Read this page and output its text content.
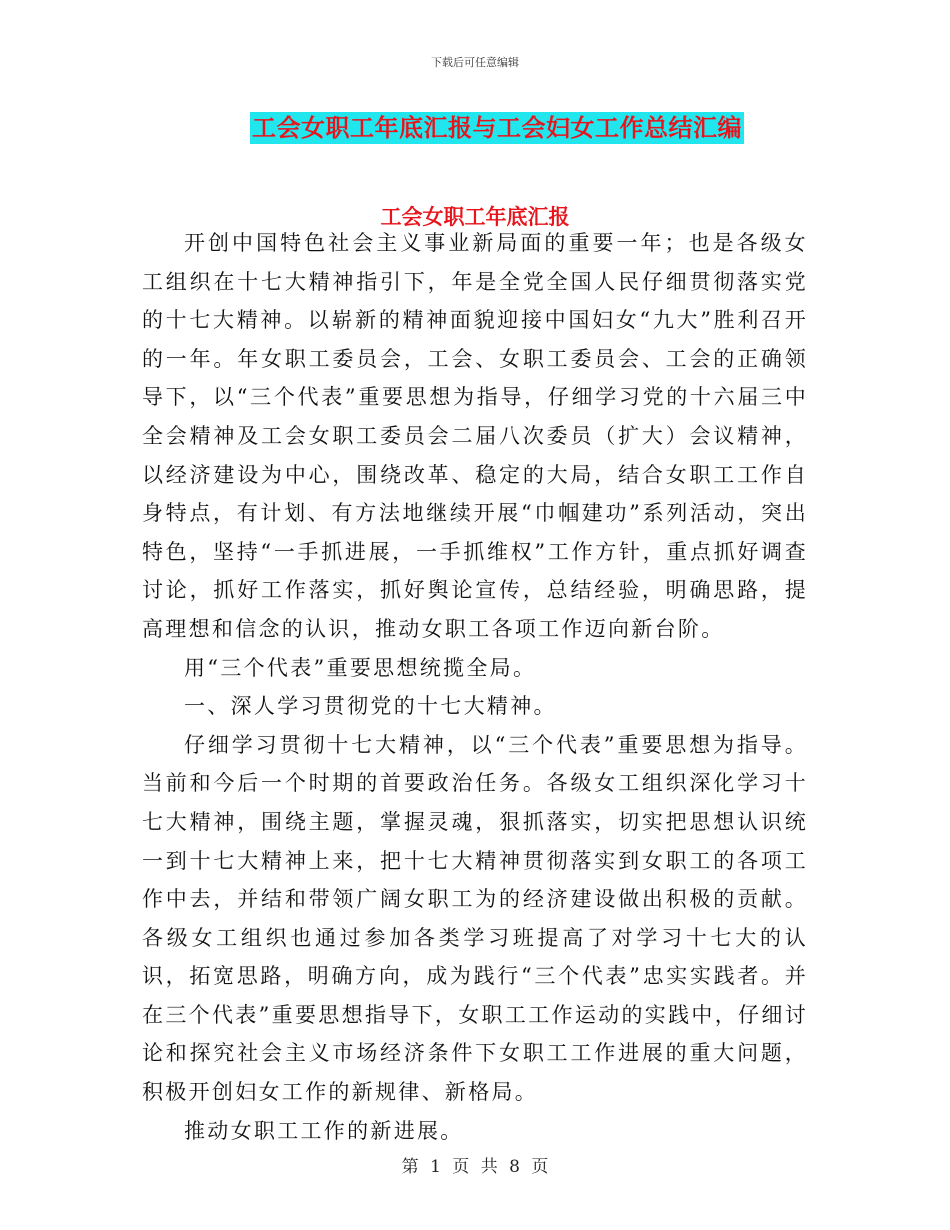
下载后可任意编辑
工会女职工年底汇报与工会妇女工作总结汇编
工会女职工年底汇报

开创中国特色社会主义事业新局面的重要一年；也是各级女工组织在十七大精神指引下，年是全党全国人民仔细贯彻落实党的十七大精神。以崭新的精神面貌迎接中国妇女“九大”胜利召开的一年。年女职工委员会，工会、女职工委员会、工会的正确领导下，以“三个代表”重要思想为指导，仔细学习党的十六届三中全会精神及工会女职工委员会二届八次委员（扩大）会议精神，以经济建设为中心，围绕改革、稳定的大局，结合女职工工作自身特点，有计划、有方法地继续开展“巾帼建功”系列活动，突出特色，坚持“一手抓进展，一手抓维权”工作方针，重点抓好调查讨论，抓好工作落实，抓好舆论宣传，总结经验，明确思路，提高理想和信念的认识，推动女职工各项工作迈向新台阶。

用“三个代表”重要思想统揽全局。

一、深人学习贯彻党的十七大精神。

仔细学习贯彻十七大精神，以“三个代表”重要思想为指导。当前和今后一个时期的首要政治任务。各级女工组织深化学习十七大精神，围绕主题，掌握灵魂，狠抓落实，切实把思想认识统一到十七大精神上来，把十七大精神贯彻落实到女职工的各项工作中去，并结和带领广阔女职工为的经济建设做出积极的贡献。各级女工组织也通过参加各类学习班提高了对学习十七大的认识，拓宽思路，明确方向，成为践行“三个代表”忠实实践者。并在三个代表”重要思想指导下，女职工工作运动的实践中，仔细讨论和探究社会主义市场经济条件下女职工工作进展的重大问题，积极开创妇女工作的新规律、新格局。

推动女职工工作的新进展。

第 1 页 共 8 页
